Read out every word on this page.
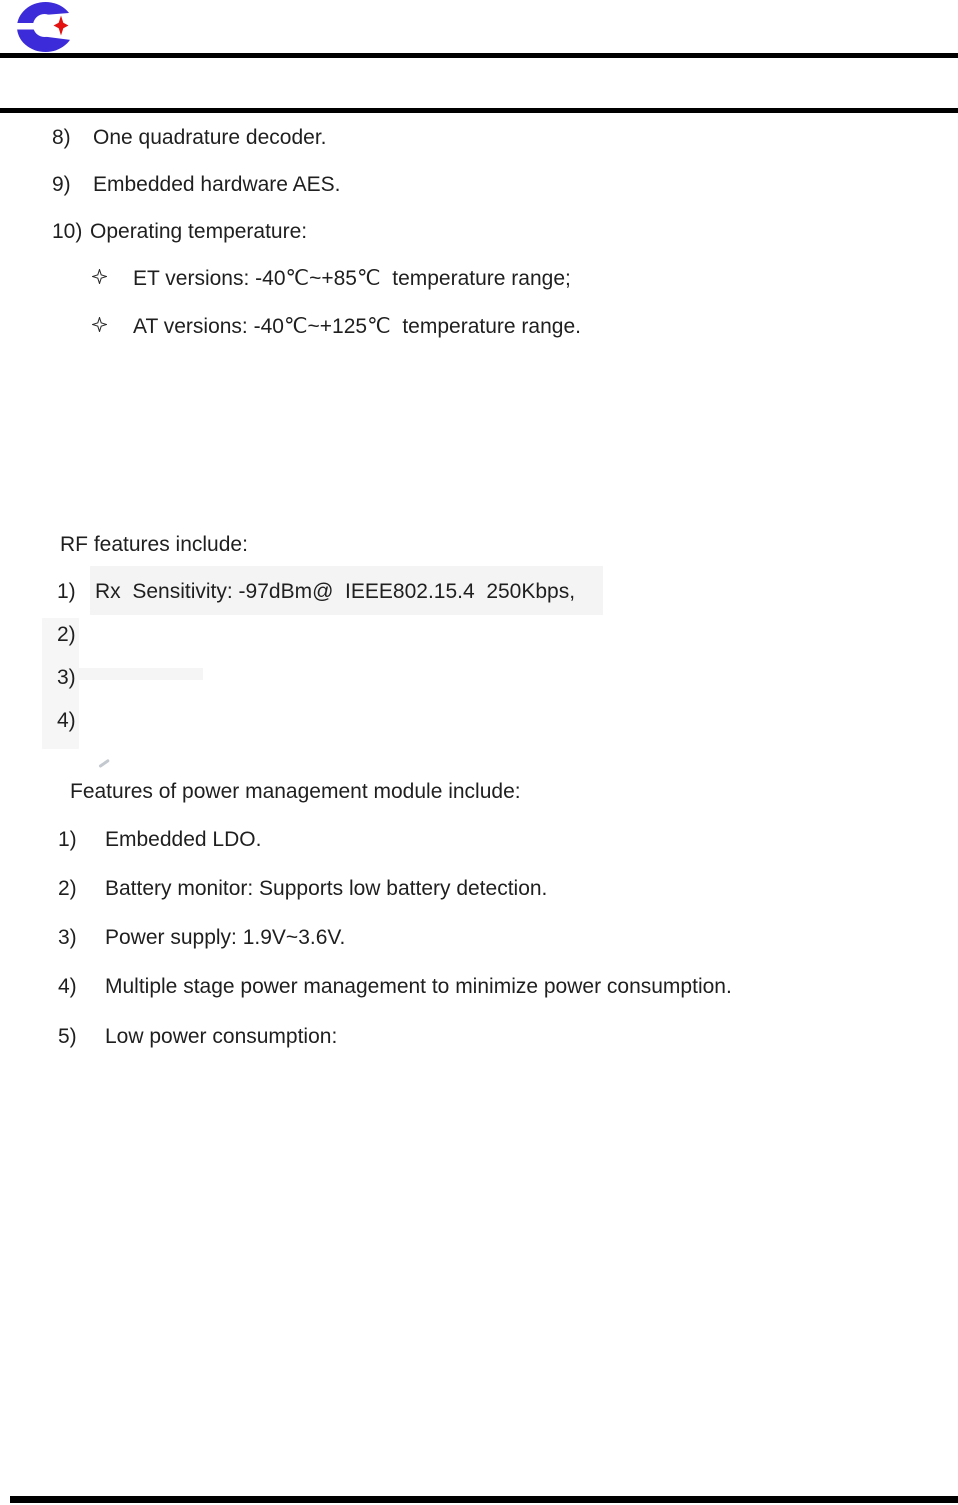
8) One quadrature decoder.
9) Embedded hardware AES.
10) Operating temperature:
ET versions: -40℃~+85℃  temperature range;
AT versions: -40℃~+125℃  temperature range.
RF features include:
1) Rx  Sensitivity: -97dBm@  IEEE802.15.4  250Kbps,
2)
3)
4)
Features of power management module include:
1) Embedded LDO.
2) Battery monitor: Supports low battery detection.
3) Power supply: 1.9V~3.6V.
4) Multiple stage power management to minimize power consumption.
5) Low power consumption:
